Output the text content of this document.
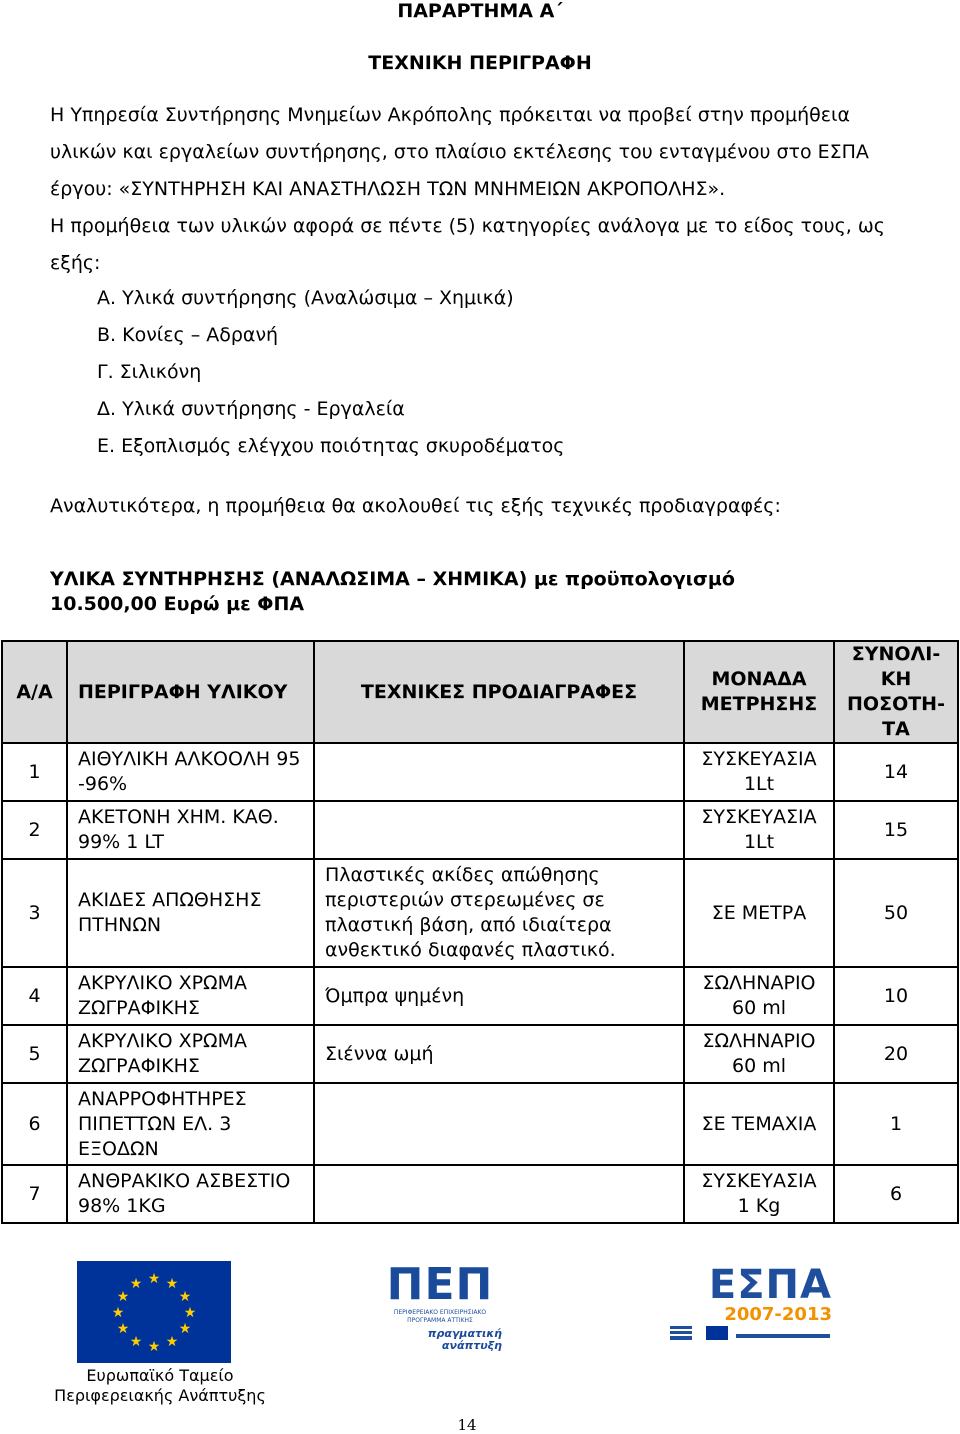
ΠΑΡΑΡΤΗΜΑ Α΄
ΤΕΧΝΙΚΗ ΠΕΡΙΓΡΑΦΗ

Η Υπηρεσία Συντήρησης Μνημείων Ακρόπολης πρόκειται να προβεί στην προμήθεια υλικών και εργαλείων συντήρησης, στο πλαίσιο εκτέλεσης του ενταγμένου στο ΕΣΠΑ έργου: «ΣΥΝΤΗΡΗΣΗ ΚΑΙ ΑΝΑΣΤΗΛΩΣΗ ΤΩΝ ΜΝΗΜΕΙΩΝ ΑΚΡΟΠΟΛΗΣ».

Η προμήθεια των υλικών αφορά σε πέντε (5) κατηγορίες ανάλογα με το είδος τους, ως εξής:

Α. Υλικά συντήρησης (Αναλώσιμα – Χημικά)
Β. Κονίες – Αδρανή
Γ. Σιλικόνη
Δ. Υλικά συντήρησης - Εργαλεία
Ε. Εξοπλισμός ελέγχου ποιότητας σκυροδέματος
Αναλυτικότερα, η προμήθεια θα ακολουθεί τις εξής τεχνικές προδιαγραφές:
ΥΛΙΚΑ ΣΥΝΤΗΡΗΣΗΣ (ΑΝΑΛΩΣΙΜΑ – ΧΗΜΙΚΑ) με προϋπολογισμό
10.500,00 Ευρώ με ΦΠΑ
Α/Α	ΠΕΡΙΓΡΑΦΗ ΥΛΙΚΟΥ	ΤΕΧΝΙΚΕΣ ΠΡΟΔΙΑΓΡΑΦΕΣ	ΜΟΝΑΔΑ ΜΕΤΡΗΣΗΣ	ΣΥΝΟΛΙ-ΚΗ ΠΟΣΟΤΗ-ΤΑ
1	ΑΙΘΥΛΙΚΗ ΑΛΚΟΟΛΗ 95 -96%		ΣΥΣΚΕΥΑΣΙΑ 1Lt	14
2	ΑΚΕΤΟΝΗ ΧΗΜ. ΚΑΘ. 99% 1 LT		ΣΥΣΚΕΥΑΣΙΑ 1Lt	15
3	ΑΚΙΔΕΣ ΑΠΩΘΗΣΗΣ ΠΤΗΝΩΝ	Πλαστικές ακίδες απώθησης περιστεριών στερεωμένες σε πλαστική βάση, από ιδιαίτερα ανθεκτικό διαφανές πλαστικό.	ΣΕ ΜΕΤΡΑ	50
4	ΑΚΡΥΛΙΚΟ ΧΡΩΜΑ ΖΩΓΡΑΦΙΚΗΣ	Όμπρα ψημένη	ΣΩΛΗΝΑΡΙΟ 60 ml	10
5	ΑΚΡΥΛΙΚΟ ΧΡΩΜΑ ΖΩΓΡΑΦΙΚΗΣ	Σιέννα ωμή	ΣΩΛΗΝΑΡΙΟ 60 ml	20
6	ΑΝΑΡΡΟΦΗΤΗΡΕΣ ΠΙΠΕΤΤΩΝ ΕΛ. 3 ΕΞΟΔΩΝ		ΣΕ ΤΕΜΑΧΙΑ	1
7	ΑΝΘΡΑΚΙΚΟ ΑΣΒΕΣΤΙΟ 98% 1KG		ΣΥΣΚΕΥΑΣΙΑ 1 Kg	6
★ ★
★
★
★
★
★
★
★
★
★
★
Ευρωπαϊκό Ταμείο
Περιφερειακής Ανάπτυξης
ΠΕΠ
ΠΕΡΙΦΕΡΕΙΑΚΟ ΕΠΙΧΕΙΡΗΣΙΑΚΟ
ΠΡΟΓΡΑΜΜΑ ΑΤΤΙΚΗΣ
πραγματική
ανάπτυξη
ΕΣΠΑ
2007-2013
14
